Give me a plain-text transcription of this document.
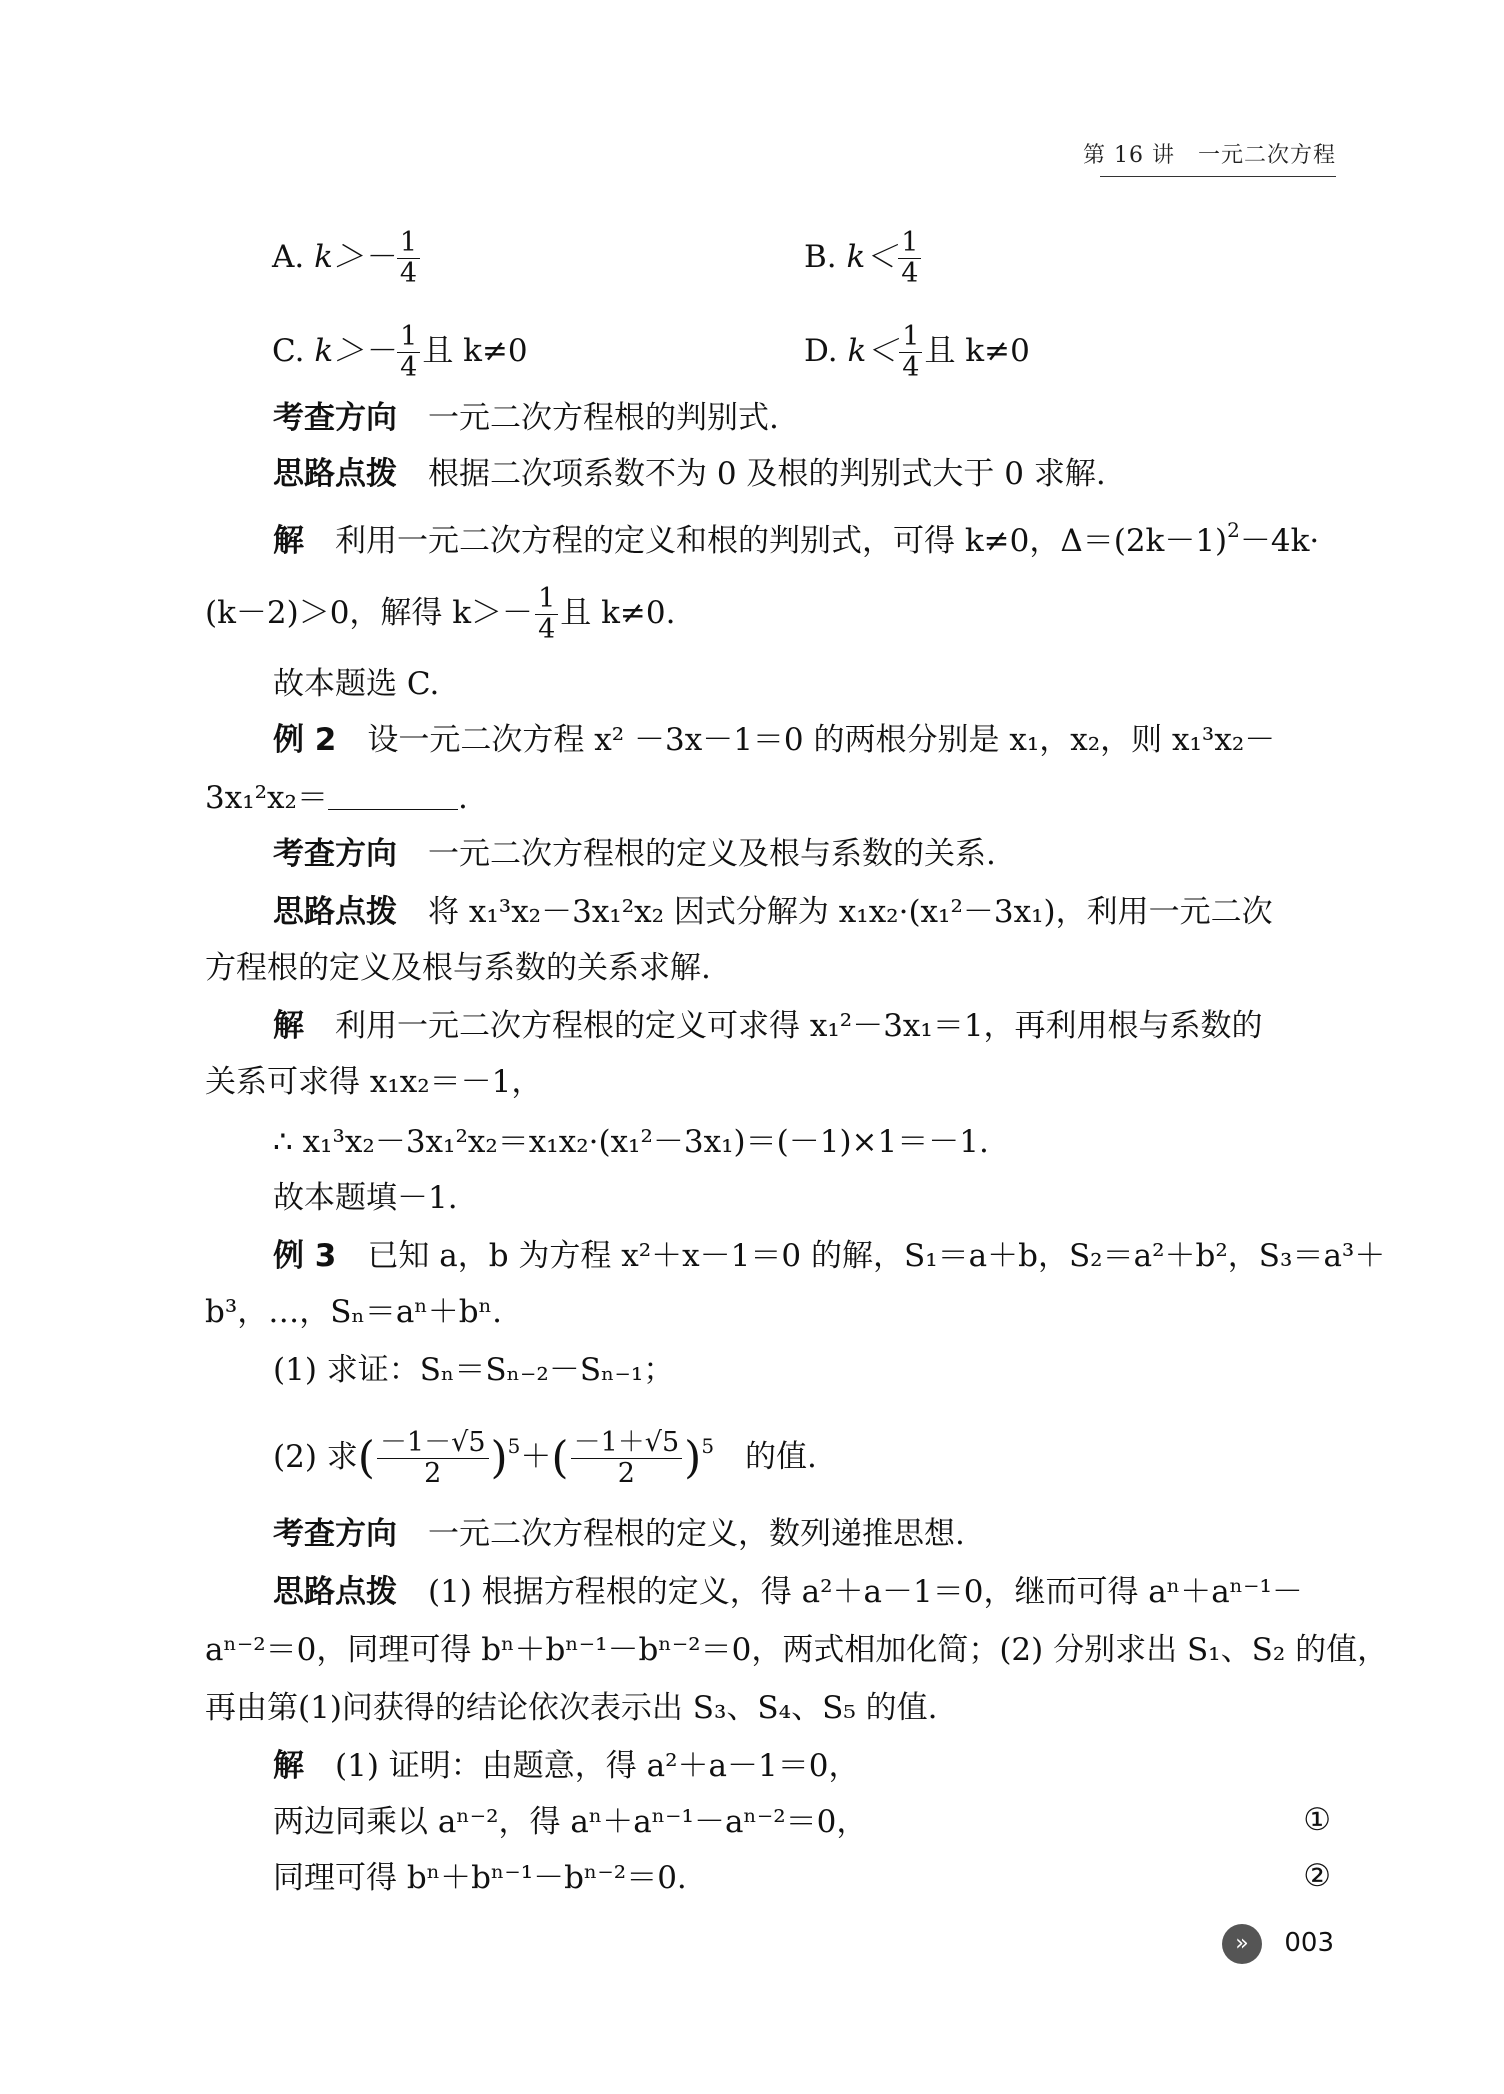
第 16 讲　一元二次方程
A. $k>- \frac{1}{4}$	B. $k< \frac{1}{4}$
C. $k>- \frac{1}{4}$ 且 k≠0	D. $k< \frac{1}{4}$ 且 k≠0
考查方向　 一元二次方程根的判别式.
思路点拨　 根据二次项系数不为 0 及根的判别式大于 0 求解.
解　 利用一元二次方程的定义和根的判别式，可得 k≠0，$\Delta=(2k-1)^2-4k\cdot$
(k－2)＞0，解得 $k>- \frac{1}{4}$ 且 k≠0.
故本题选 C.
例 2　 设一元二次方程 x² －3x－1＝0 的两根分别是 x₁，x₂，则 x₁³x₂－
3x₁²x₂＝	.
考查方向　 一元二次方程根的定义及根与系数的关系.
思路点拨　 将 x₁³x₂－3x₁²x₂ 因式分解为 x₁x₂·(x₁²－3x₁)，利用一元二次
方程根的定义及根与系数的关系求解.
解　 利用一元二次方程根的定义可求得 x₁²－3x₁＝1，再利用根与系数的
关系可求得 x₁x₂＝－1，
∴ x₁³x₂－3x₁²x₂＝x₁x₂·(x₁²－3x₁)＝(－1)×1＝－1.
故本题填－1.
例 3　 已知 a，b 为方程 x²＋x－1＝0 的解，S₁＝a＋b，S₂＝a²＋b²，S₃＝a³＋
b³，…，Sₙ＝aⁿ＋bⁿ.
(1) 求证：Sₙ＝Sₙ₋₂－Sₙ₋₁；
(2) 求( $\frac{-1-√5}{2} )^5+( \frac{-1+√5}{2} )^5$　 的值.
考查方向　 一元二次方程根的定义，数列递推思想.
思路点拨　 (1) 根据方程根的定义，得 a²＋a－1＝0，继而可得 aⁿ＋aⁿ⁻¹－
aⁿ⁻²＝0，同理可得 bⁿ＋bⁿ⁻¹－bⁿ⁻²＝0，两式相加化简；(2) 分别求出 S₁、S₂ 的值，
再由第(1)问获得的结论依次表示出 S₃、S₄、S₅ 的值.
解　 (1) 证明：由题意，得 a²＋a－1＝0，
两边同乘以 aⁿ⁻²，得 aⁿ＋aⁿ⁻¹－aⁿ⁻²＝0，	①
同理可得 bⁿ＋bⁿ⁻¹－bⁿ⁻²＝0.	②
»	003
